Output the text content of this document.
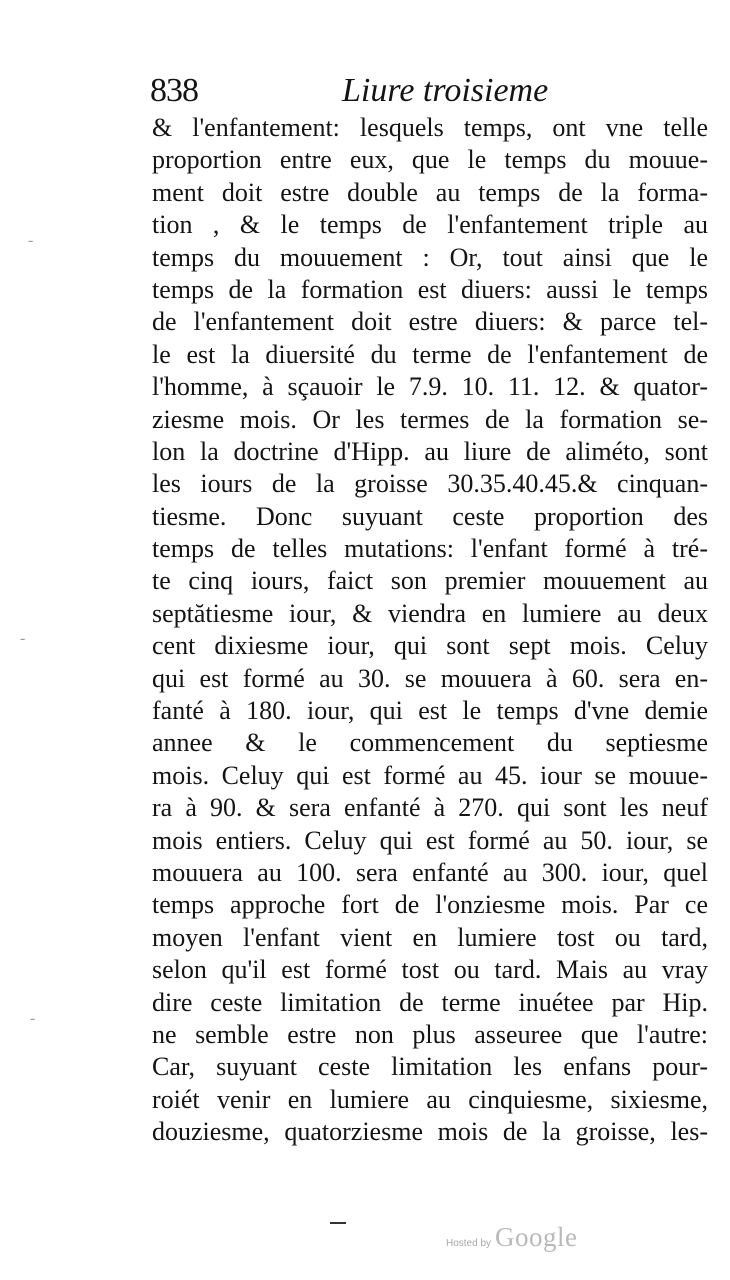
838	Liure troisieme
-
-
-
& l'enfantement: lesquels temps, ont vne telle
proportion entre eux, que le temps du mouue-
ment doit estre double au temps de la forma-
tion , & le temps de l'enfantement triple au
temps du mouuement : Or, tout ainsi que le
temps de la formation est diuers: aussi le temps
de l'enfantement doit estre diuers: & parce tel-
le est la diuersité du terme de l'enfantement de
l'homme, à sçauoir le 7.9. 10. 11. 12. & quator-
ziesme mois. Or les termes de la formation se-
lon la doctrine d'Hipp. au liure de aliméto, sont
les iours de la groisse 30.35.40.45.& cinquan-
tiesme. Donc suyuant ceste proportion des
temps de telles mutations: l'enfant formé à tré-
te cinq iours, faict son premier mouuement au
septătiesme iour, & viendra en lumiere au deux
cent dixiesme iour, qui sont sept mois. Celuy
qui est formé au 30. se mouuera à 60. sera en-
fanté à 180. iour, qui est le temps d'vne demie
annee & le commencement du septiesme
mois. Celuy qui est formé au 45. iour se mouue-
ra à 90. & sera enfanté à 270. qui sont les neuf
mois entiers. Celuy qui est formé au 50. iour, se
mouuera au 100. sera enfanté au 300. iour, quel
temps approche fort de l'onziesme mois. Par ce
moyen l'enfant vient en lumiere tost ou tard,
selon qu'il est formé tost ou tard. Mais au vray
dire ceste limitation de terme inuétee par Hip.
ne semble estre non plus asseuree que l'autre:
Car, suyuant ceste limitation les enfans pour-
roiét venir en lumiere au cinquiesme, sixiesme,
douziesme, quatorziesme mois de la groisse, les-
Hosted by Google
